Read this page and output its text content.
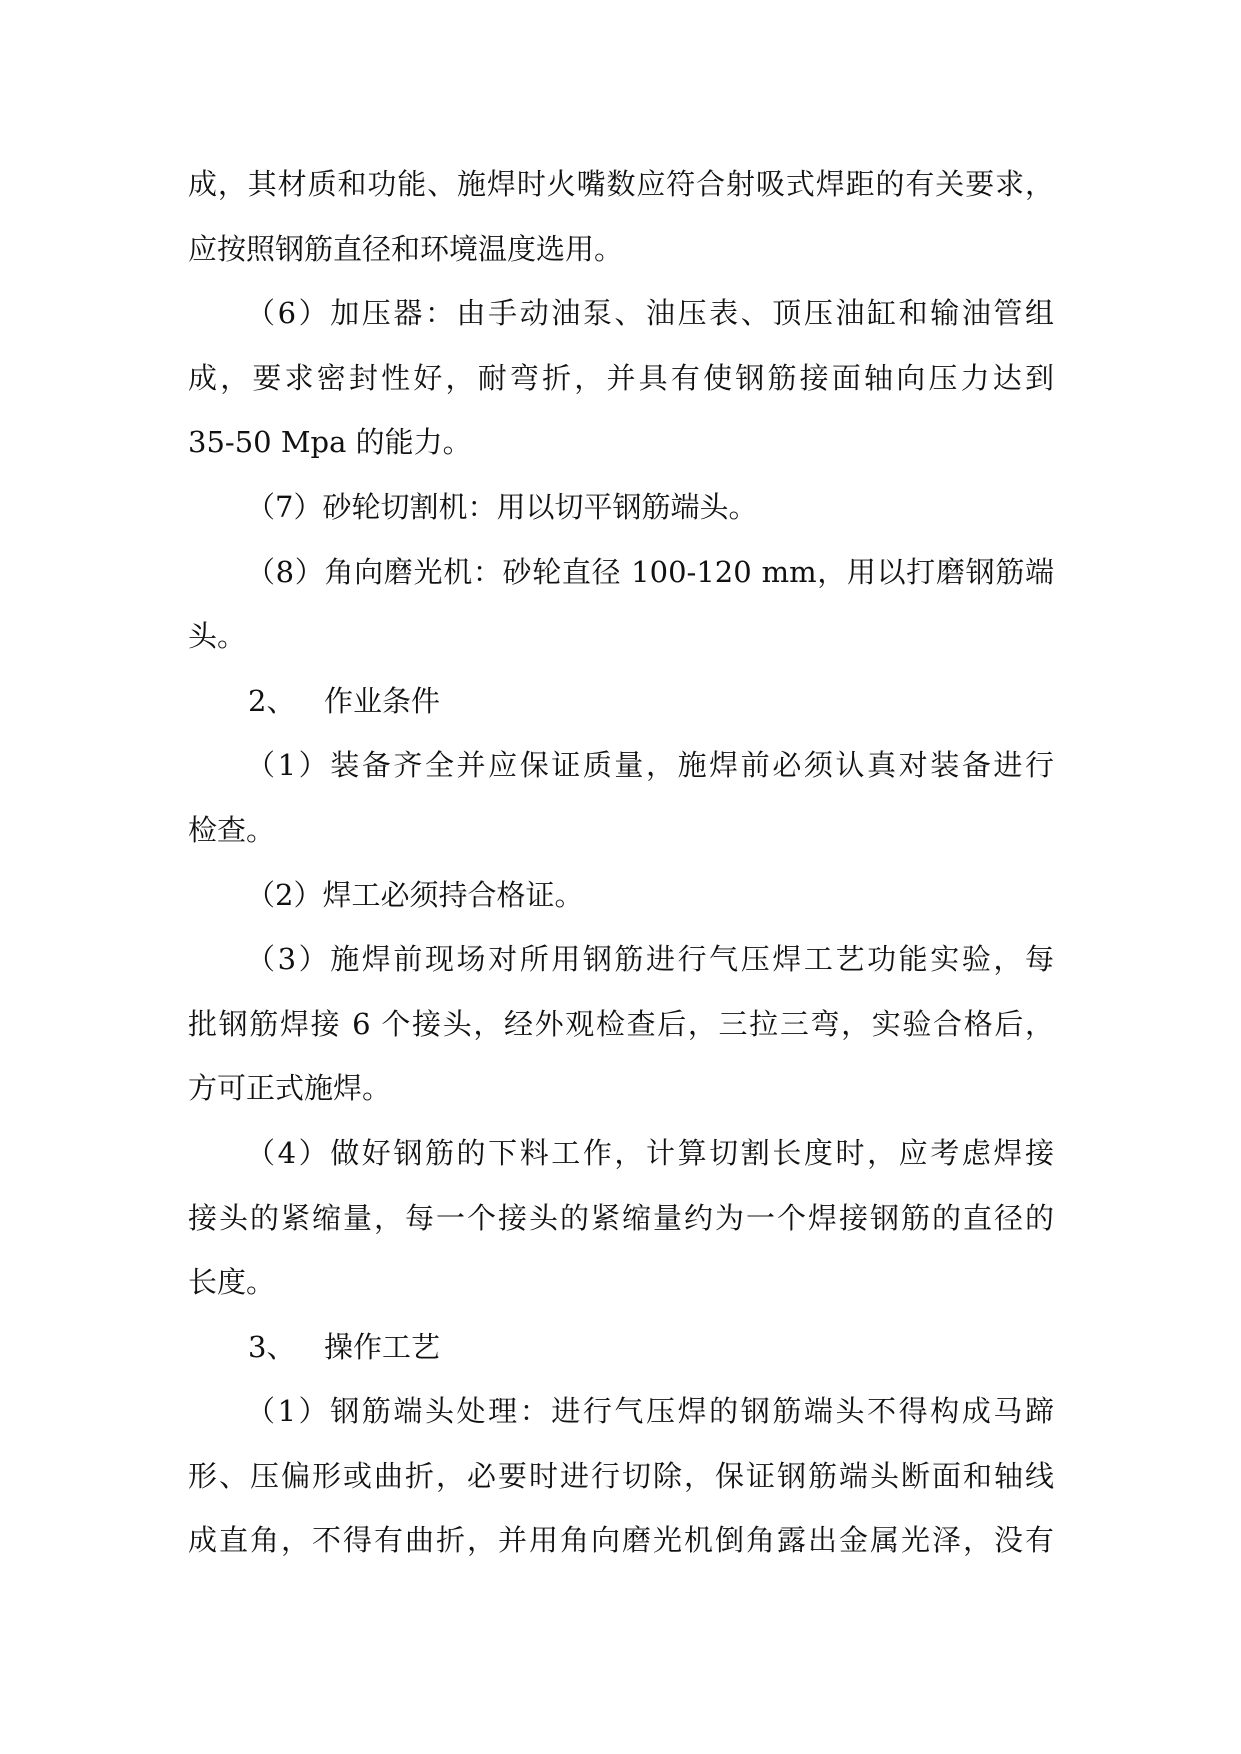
成，其材质和功能、施焊时火嘴数应符合射吸式焊距的有关要求，
应按照钢筋直径和环境温度选用。
（6）加压器：由手动油泵、油压表、顶压油缸和输油管组
成，要求密封性好，耐弯折，并具有使钢筋接面轴向压力达到
35-50 Mpa 的能力。
（7）砂轮切割机：用以切平钢筋端头。
（8）角向磨光机：砂轮直径 100-120 mm，用以打磨钢筋端
头。
2、 作业条件
（1）装备齐全并应保证质量，施焊前必须认真对装备进行
检查。
（2）焊工必须持合格证。
（3）施焊前现场对所用钢筋进行气压焊工艺功能实验，每
批钢筋焊接 6 个接头，经外观检查后，三拉三弯，实验合格后，
方可正式施焊。
（4）做好钢筋的下料工作，计算切割长度时，应考虑焊接
接头的紧缩量，每一个接头的紧缩量约为一个焊接钢筋的直径的
长度。
3、 操作工艺
（1）钢筋端头处理：进行气压焊的钢筋端头不得构成马蹄
形、压偏形或曲折，必要时进行切除，保证钢筋端头断面和轴线
成直角，不得有曲折，并用角向磨光机倒角露出金属光泽，没有
